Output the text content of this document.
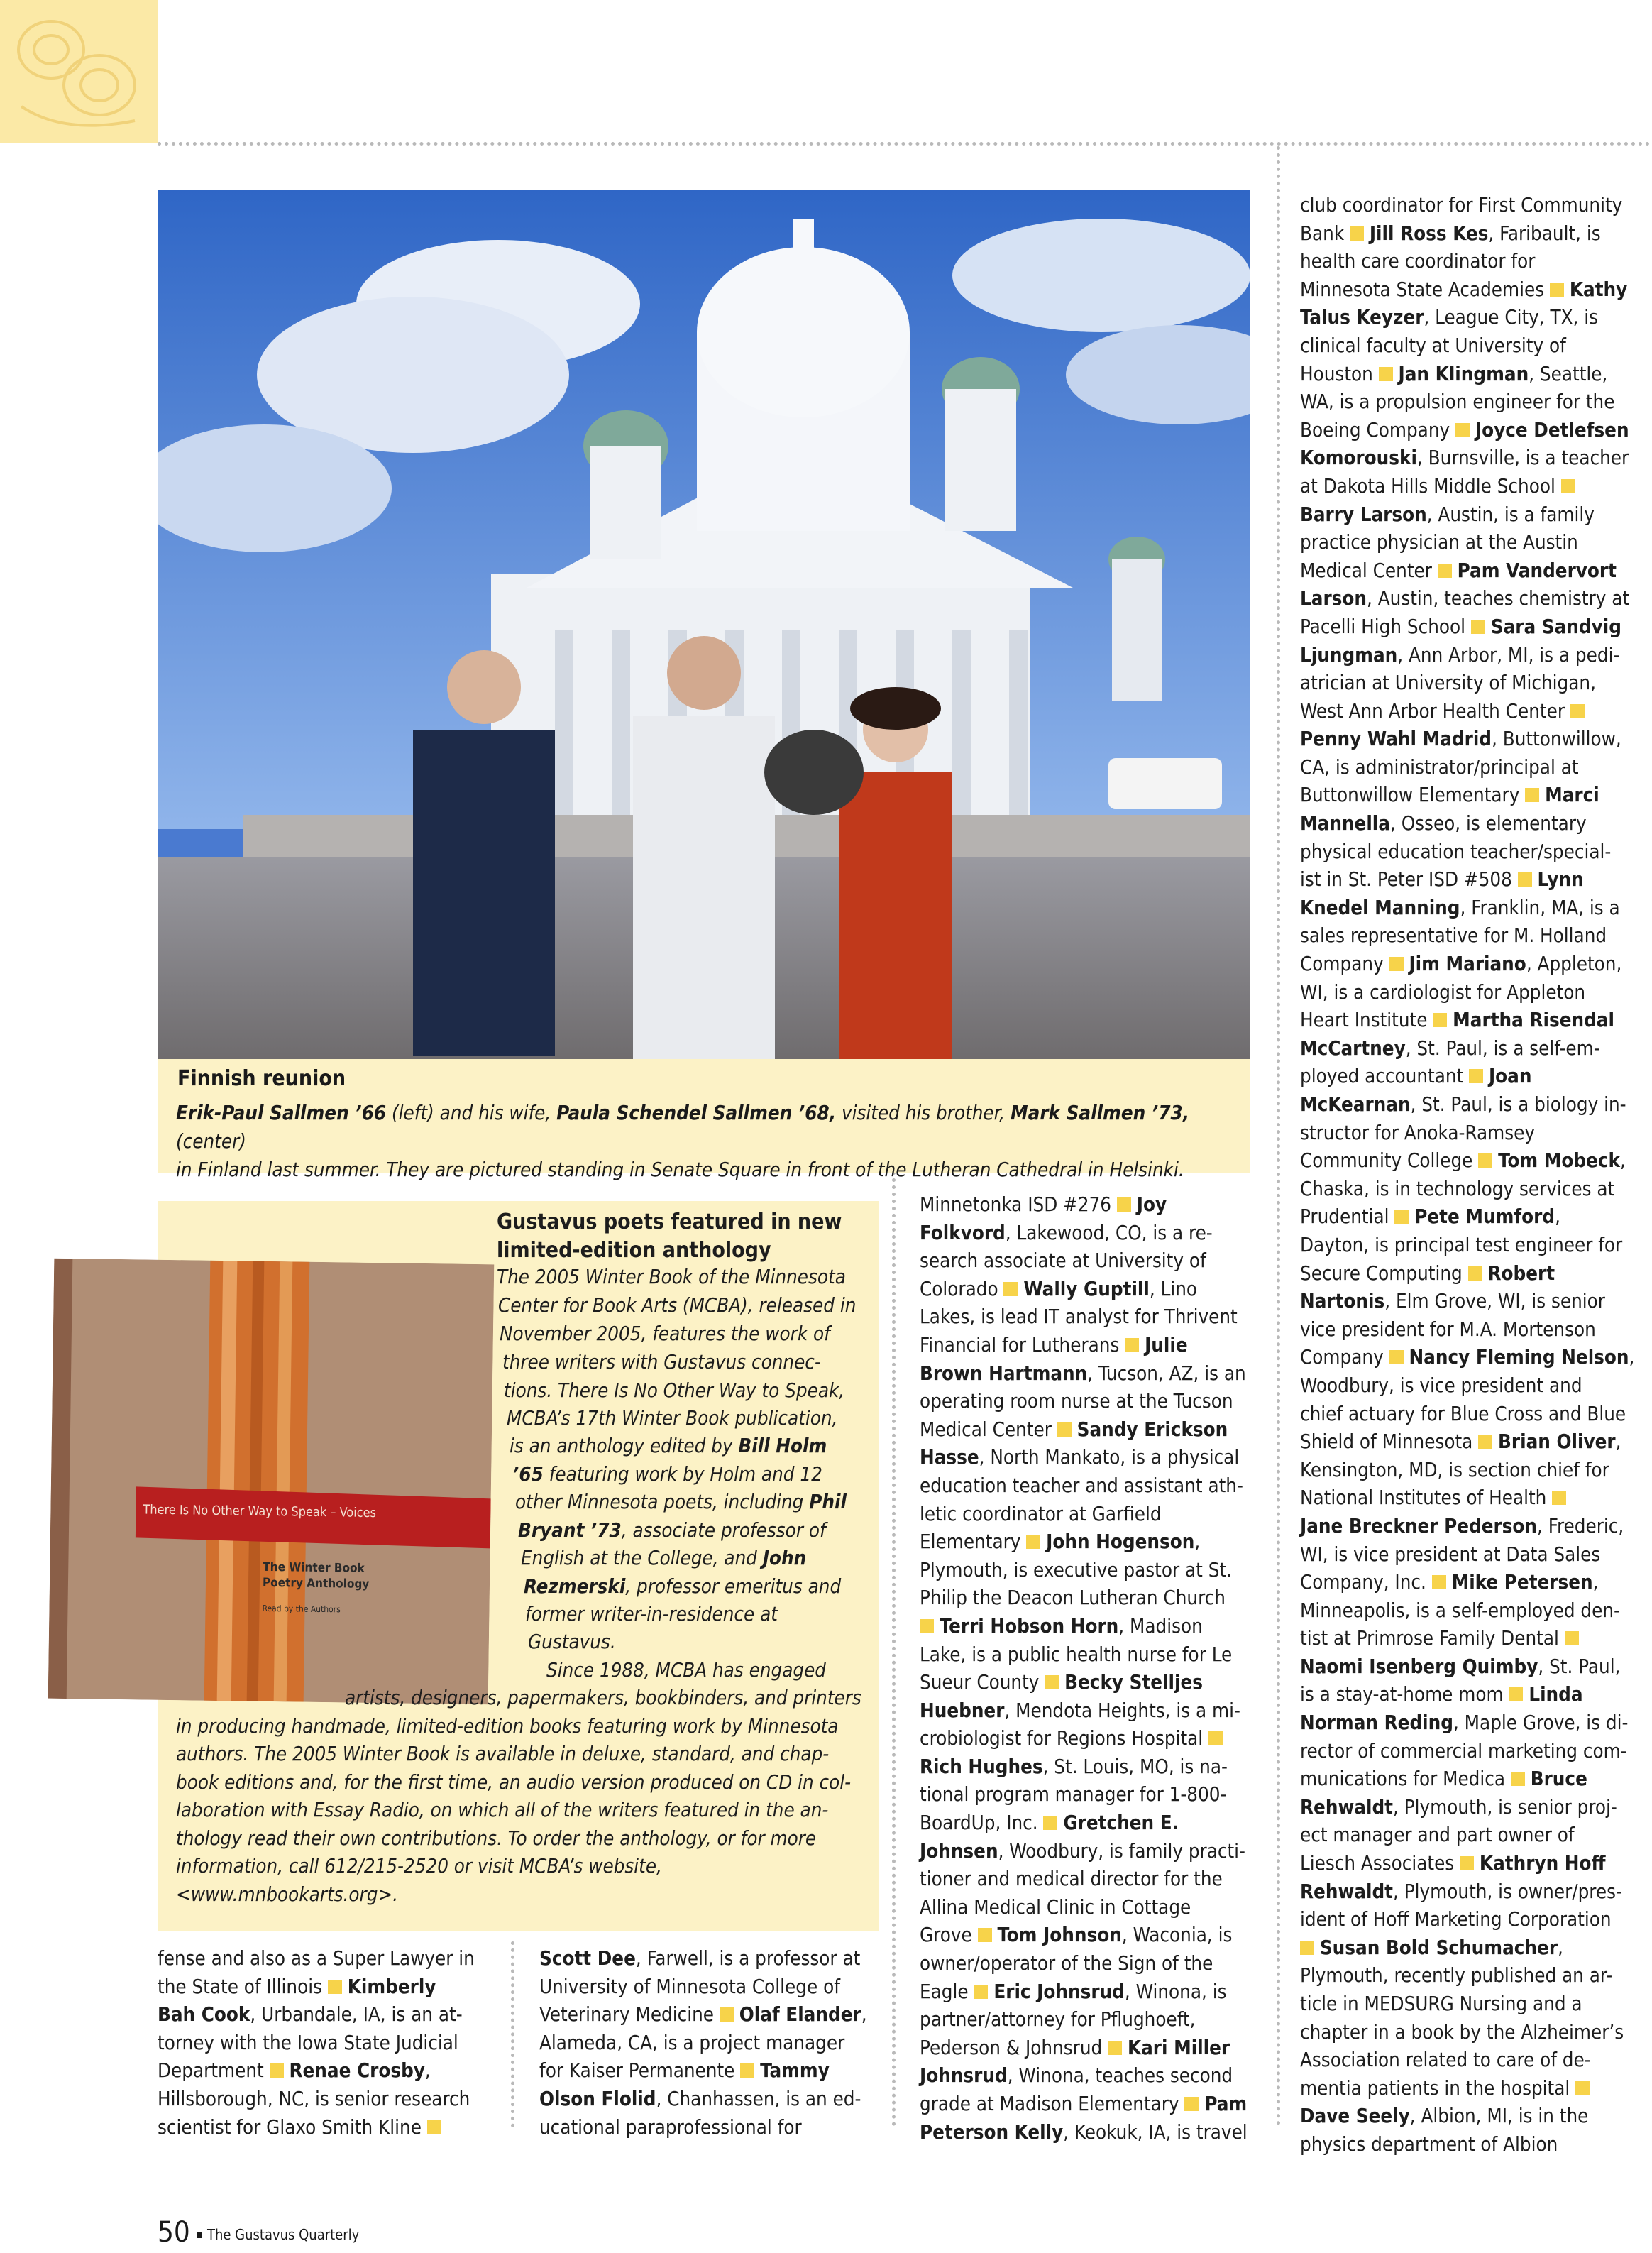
Finnish reunion
Erik-Paul Sallmen ’66 (left) and his wife, Paula Schendel Sallmen ’68, visited his brother, Mark Sallmen ’73, (center)
in Finland last summer. They are pictured standing in Senate Square in front of the Lutheran Cathedral in Helsinki.
There Is No Other Way to Speak – Voices
The Winter Book
Poetry Anthology
Read by the Authors
Gustavus poets featured in new
limited-edition anthology
The 2005 Winter Book of the Minnesota
Center for Book Arts (MCBA), released in
November 2005, features the work of
three writers with Gustavus connec-
tions. There Is No Other Way to Speak,
MCBA’s 17th Winter Book publication,
is an anthology edited by Bill Holm
’65 featuring work by Holm and 12
other Minnesota poets, including Phil
Bryant ’73, associate professor of
English at the College, and John
Rezmerski, professor emeritus and
former writer-in-residence at
Gustavus.
Since 1988, MCBA has engaged
artists, designers, papermakers, bookbinders, and printers
in producing handmade, limited-edition books featuring work by Minnesota
authors. The 2005 Winter Book is available in deluxe, standard, and chap-
book editions and, for the first time, an audio version produced on CD in col-
laboration with Essay Radio, on which all of the writers featured in the an-
thology read their own contributions. To order the anthology, or for more
information, call 612/215-2520 or visit MCBA’s website,
<www.mnbookarts.org>.

fense and also as a Super Lawyer in

the State of Illinois  Kimberly

Bah Cook, Urbandale, IA, is an at-

torney with the Iowa State Judicial

Department  Renae Crosby,

Hillsborough, NC, is senior research

scientist for Glaxo Smith Kline

Scott Dee, Farwell, is a professor at

University of Minnesota College of

Veterinary Medicine  Olaf Elander,

Alameda, CA, is a project manager

for Kaiser Permanente  Tammy

Olson Flolid, Chanhassen, is an ed-

ucational paraprofessional for

Minnetonka ISD #276  Joy

Folkvord, Lakewood, CO, is a re-

search associate at University of

Colorado  Wally Guptill, Lino

Lakes, is lead IT analyst for Thrivent

Financial for Lutherans  Julie

Brown Hartmann, Tucson, AZ, is an

operating room nurse at the Tucson

Medical Center  Sandy Erickson

Hasse, North Mankato, is a physical

education teacher and assistant ath-

letic coordinator at Garfield

Elementary  John Hogenson,

Plymouth, is executive pastor at St.

Philip the Deacon Lutheran Church

Terri Hobson Horn, Madison

Lake, is a public health nurse for Le

Sueur County  Becky Stelljes

Huebner, Mendota Heights, is a mi-

crobiologist for Regions Hospital

Rich Hughes, St. Louis, MO, is na-

tional program manager for 1-800-

BoardUp, Inc.  Gretchen E.

Johnsen, Woodbury, is family practi-

tioner and medical director for the

Allina Medical Clinic in Cottage

Grove  Tom Johnson, Waconia, is

owner/operator of the Sign of the

Eagle  Eric Johnsrud, Winona, is

partner/attorney for Pflughoeft,

Pederson & Johnsrud  Kari Miller

Johnsrud, Winona, teaches second

grade at Madison Elementary  Pam

Peterson Kelly, Keokuk, IA, is travel

club coordinator for First Community

Bank  Jill Ross Kes, Faribault, is

health care coordinator for

Minnesota State Academies  Kathy

Talus Keyzer, League City, TX, is

clinical faculty at University of

Houston  Jan Klingman, Seattle,

WA, is a propulsion engineer for the

Boeing Company  Joyce Detlefsen

Komorouski, Burnsville, is a teacher

at Dakota Hills Middle School

Barry Larson, Austin, is a family

practice physician at the Austin

Medical Center  Pam Vandervort

Larson, Austin, teaches chemistry at

Pacelli High School  Sara Sandvig

Ljungman, Ann Arbor, MI, is a pedi-

atrician at University of Michigan,

West Ann Arbor Health Center

Penny Wahl Madrid, Buttonwillow,

CA, is administrator/principal at

Buttonwillow Elementary  Marci

Mannella, Osseo, is elementary

physical education teacher/special-

ist in St. Peter ISD #508  Lynn

Knedel Manning, Franklin, MA, is a

sales representative for M. Holland

Company  Jim Mariano, Appleton,

WI, is a cardiologist for Appleton

Heart Institute  Martha Risendal

McCartney, St. Paul, is a self-em-

ployed accountant  Joan

McKearnan, St. Paul, is a biology in-

structor for Anoka-Ramsey

Community College  Tom Mobeck,

Chaska, is in technology services at

Prudential  Pete Mumford,

Dayton, is principal test engineer for

Secure Computing  Robert

Nartonis, Elm Grove, WI, is senior

vice president for M.A. Mortenson

Company  Nancy Fleming Nelson,

Woodbury, is vice president and

chief actuary for Blue Cross and Blue

Shield of Minnesota  Brian Oliver,

Kensington, MD, is section chief for

National Institutes of Health

Jane Breckner Pederson, Frederic,

WI, is vice president at Data Sales

Company, Inc.  Mike Petersen,

Minneapolis, is a self-employed den-

tist at Primrose Family Dental

Naomi Isenberg Quimby, St. Paul,

is a stay-at-home mom  Linda

Norman Reding, Maple Grove, is di-

rector of commercial marketing com-

munications for Medica  Bruce

Rehwaldt, Plymouth, is senior proj-

ect manager and part owner of

Liesch Associates  Kathryn Hoff

Rehwaldt, Plymouth, is owner/pres-

ident of Hoff Marketing Corporation

Susan Bold Schumacher,

Plymouth, recently published an ar-

ticle in MEDSURG Nursing and a

chapter in a book by the Alzheimer’s

Association related to care of de-

mentia patients in the hospital

Dave Seely, Albion, MI, is in the

physics department of Albion

50 The Gustavus Quarterly
